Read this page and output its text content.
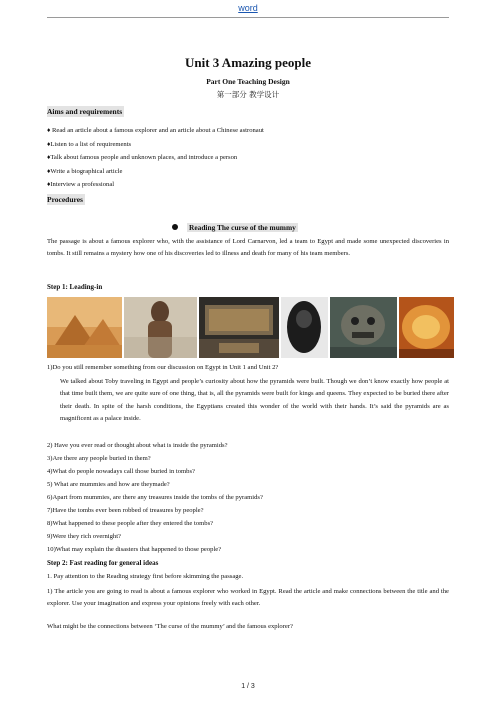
word
Unit 3 Amazing people
Part One Teaching Design
第一部分 教学设计
Aims and requirements
♦ Read an article about a famous explorer and an article about a Chinese astronaut
♦Listen to a list of requirements
♦Talk about famous people and unknown places, and introduce a person
♦Write a biographical article
♦Interview a professional
Procedures
Reading The curse of the mummy
The passage is about a famous explorer who, with the assistance of Lord Carnarvon, led a team to Egypt and made some unexpected discoveries in tombs. It still remains a mystery how one of his discoveries led to illness and death for many of his team members.
Step 1: Leading-in
1)Do you still remember something from our discussion on Egypt in Unit 1 and Unit 2?
We talked about Toby traveling in Egypt and people’s curiosity about how the pyramids were built. Though we don’t know exactly how people at that time built them, we are quite sure of one thing, that is, all the pyramids were built for kings and queens. They expected to be buried there after their death. In spite of the harsh conditions, the Egyptians created this wonder of the world with their hands. It’s said the pyramids are as magnificent as a palace inside.
2) Have you ever read or thought about what is inside the pyramids?
3)Are there any people buried in them?
4)What do people nowadays call those buried in tombs?
5) What are mummies and how are theymade?
6)Apart from mummies, are there any treasures inside the tombs of the pyramids?
7)Have the tombs ever been robbed of treasures by people?
8)What happened to these people after they entered the tombs?
9)Were they rich overnight?
10)What may explain the disasters that happened to those people?
Step 2: Fast reading for general ideas
1. Pay attention to the Reading strategy first before skimming the passage.
1) The article you are going to read is about a famous explorer who worked in Egypt. Read the article and make connections between the title and the explorer. Use your imagination and express your opinions freely with each other.
What might be the connections between ‘The curse of the mummy’ and the famous explorer?
1 / 3
